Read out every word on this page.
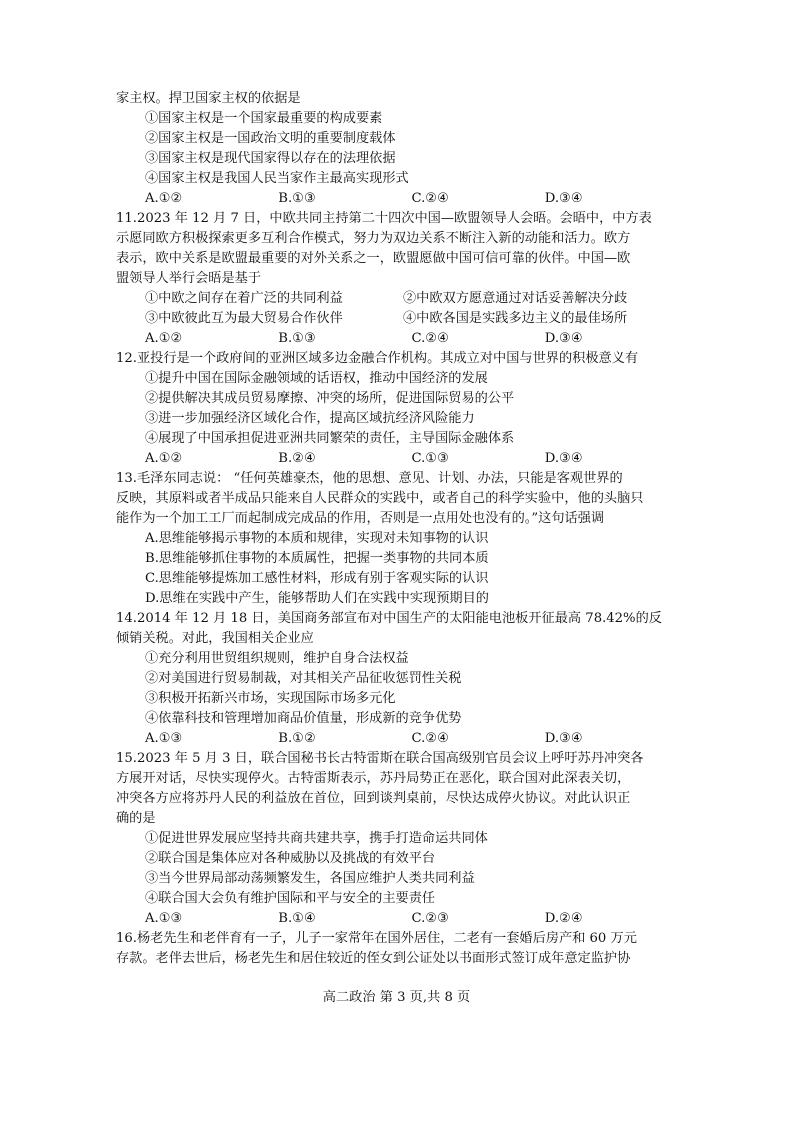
家主权。捍卫国家主权的依据是
①国家主权是一个国家最重要的构成要素
②国家主权是一国政治文明的重要制度载体
③国家主权是现代国家得以存在的法理依据
④国家主权是我国人民当家作主最高实现形式
A.①②	B.①③	C.②④	D.③④
11.2023 年 12 月 7 日，中欧共同主持第二十四次中国—欧盟领导人会晤。会晤中，中方表
示愿同欧方积极探索更多互利合作模式，努力为双边关系不断注入新的动能和活力。欧方
表示，欧中关系是欧盟最重要的对外关系之一，欧盟愿做中国可信可靠的伙伴。中国—欧
盟领导人举行会晤是基于
①中欧之间存在着广泛的共同利益	②中欧双方愿意通过对话妥善解决分歧
③中欧彼此互为最大贸易合作伙伴	④中欧各国是实践多边主义的最佳场所
A.①②	B.①③	C.②④	D.③④
12.亚投行是一个政府间的亚洲区域多边金融合作机构。其成立对中国与世界的积极意义有
①提升中国在国际金融领域的话语权，推动中国经济的发展
②提供解决其成员贸易摩擦、冲突的场所，促进国际贸易的公平
③进一步加强经济区域化合作，提高区域抗经济风险能力
④展现了中国承担促进亚洲共同繁荣的责任，主导国际金融体系
A.①②	B.②④	C.①③	D.③④
13.毛泽东同志说： “任何英雄豪杰，他的思想、意见、计划、办法，只能是客观世界的
反映，其原料或者半成品只能来自人民群众的实践中，或者自己的科学实验中，他的头脑只
能作为一个加工工厂而起制成完成品的作用，否则是一点用处也没有的。”这句话强调
A.思维能够揭示事物的本质和规律，实现对未知事物的认识
B.思维能够抓住事物的本质属性，把握一类事物的共同本质
C.思维能够提炼加工感性材料，形成有别于客观实际的认识
D.思维在实践中产生，能够帮助人们在实践中实现预期目的
14.2014 年 12 月 18 日，美国商务部宣布对中国生产的太阳能电池板开征最高 78.42%的反
倾销关税。对此，我国相关企业应
①充分利用世贸组织规则，维护自身合法权益
②对美国进行贸易制裁，对其相关产品征收惩罚性关税
③积极开拓新兴市场，实现国际市场多元化
④依靠科技和管理增加商品价值量，形成新的竞争优势
A.①③	B.①②	C.②④	D.③④
15.2023 年 5 月 3 日，联合国秘书长古特雷斯在联合国高级别官员会议上呼吁苏丹冲突各
方展开对话，尽快实现停火。古特雷斯表示，苏丹局势正在恶化，联合国对此深表关切，
冲突各方应将苏丹人民的利益放在首位，回到谈判桌前，尽快达成停火协议。对此认识正
确的是
①促进世界发展应坚持共商共建共享，携手打造命运共同体
②联合国是集体应对各种威胁以及挑战的有效平台
③当今世界局部动荡频繁发生，各国应维护人类共同利益
④联合国大会负有维护国际和平与安全的主要责任
A.①③	B.①④	C.②③	D.②④
16.杨老先生和老伴育有一子，儿子一家常年在国外居住，二老有一套婚后房产和 60 万元
存款。老伴去世后，杨老先生和居住较近的侄女到公证处以书面形式签订成年意定监护协
高二政治 第 3 页,共 8 页
